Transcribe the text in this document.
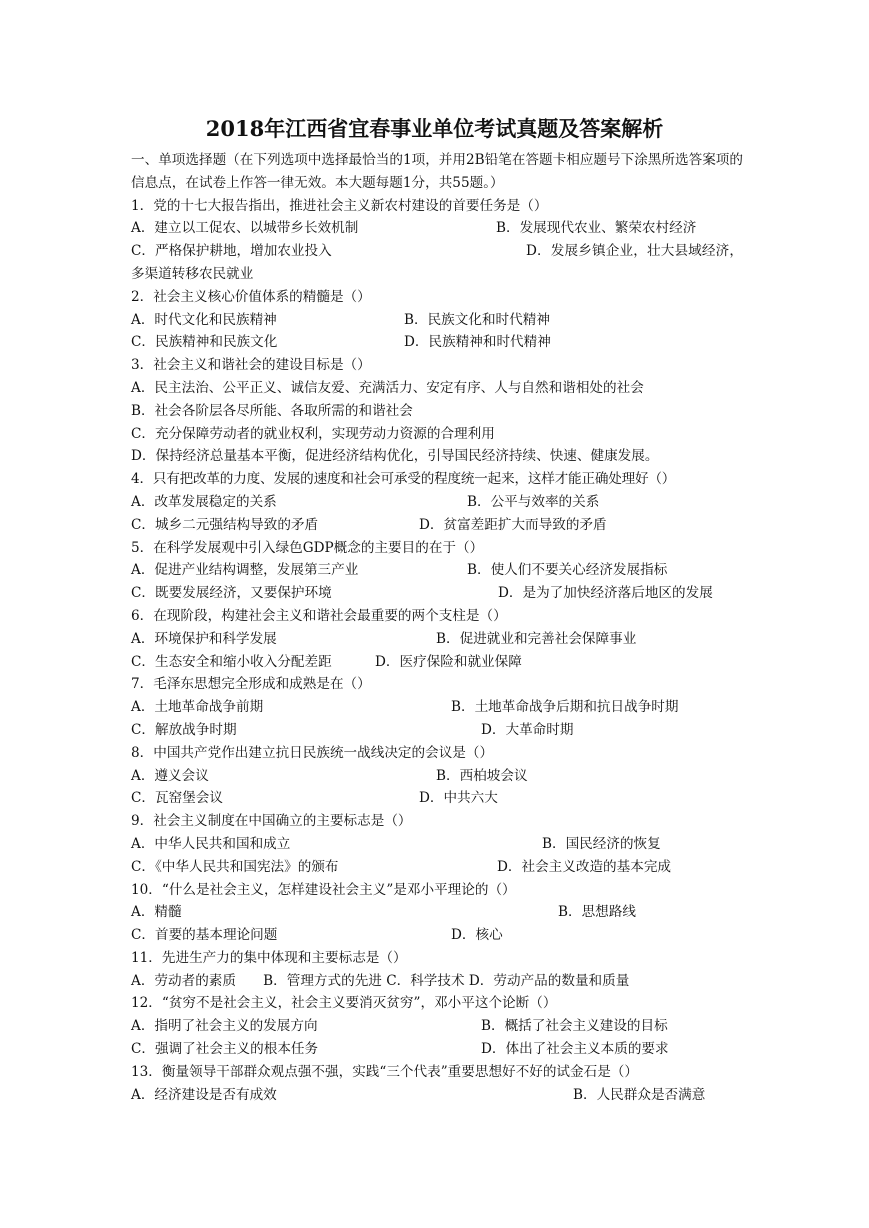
2018年江西省宜春事业单位考试真题及答案解析
一、单项选择题（在下列选项中选择最恰当的1项，并用2B铅笔在答题卡相应题号下涂黑所选答案项的信息点，在试卷上作答一律无效。本大题每题1分，共55题。）
1．党的十七大报告指出，推进社会主义新农村建设的首要任务是（）
A．建立以工促农、以城带乡长效机制	B．发展现代农业、繁荣农村经济
C．严格保护耕地，增加农业投入	D．发展乡镇企业，壮大县域经济，多渠道转移农民就业
2．社会主义核心价值体系的精髓是（）
A．时代文化和民族精神	B．民族文化和时代精神
C．民族精神和民族文化	D．民族精神和时代精神
3．社会主义和谐社会的建设目标是（）
A．民主法治、公平正义、诚信友爱、充满活力、安定有序、人与自然和谐相处的社会
B．社会各阶层各尽所能、各取所需的和谐社会
C．充分保障劳动者的就业权利，实现劳动力资源的合理利用
D．保持经济总量基本平衡，促进经济结构优化，引导国民经济持续、快速、健康发展。
4．只有把改革的力度、发展的速度和社会可承受的程度统一起来，这样才能正确处理好（）
A．改革发展稳定的关系	B．公平与效率的关系
C．城乡二元强结构导致的矛盾	D．贫富差距扩大而导致的矛盾
5．在科学发展观中引入绿色GDP概念的主要目的在于（）
A．促进产业结构调整，发展第三产业	B．使人们不要关心经济发展指标
C．既要发展经济，又要保护环境	D．是为了加快经济落后地区的发展
6．在现阶段，构建社会主义和谐社会最重要的两个支柱是（）
A．环境保护和科学发展	B．促进就业和完善社会保障事业
C．生态安全和缩小收入分配差距	D．医疗保险和就业保障
7．毛泽东思想完全形成和成熟是在（）
A．土地革命战争前期	B．土地革命战争后期和抗日战争时期
C．解放战争时期	D．大革命时期
8．中国共产党作出建立抗日民族统一战线决定的会议是（）
A．遵义会议	B．西柏坡会议
C．瓦窑堡会议	D．中共六大
9．社会主义制度在中国确立的主要标志是（）
A．中华人民共和国和成立	B．国民经济的恢复
C．《中华人民共和国宪法》的颁布	D．社会主义改造的基本完成
10．“什么是社会主义，怎样建设社会主义”是邓小平理论的（）
A．精髓	B．思想路线
C．首要的基本理论问题	D．核心
11．先进生产力的集中体现和主要标志是（）
A．劳动者的素质　　B．管理方式的先进 C．科学技术 D．劳动产品的数量和质量
12．“贫穷不是社会主义，社会主义要消灭贫穷”，邓小平这个论断（）
A．指明了社会主义的发展方向	B．概括了社会主义建设的目标
C．强调了社会主义的根本任务	D．体出了社会主义本质的要求
13．衡量领导干部群众观点强不强，实践“三个代表”重要思想好不好的试金石是（）
A．经济建设是否有成效	B．人民群众是否满意
